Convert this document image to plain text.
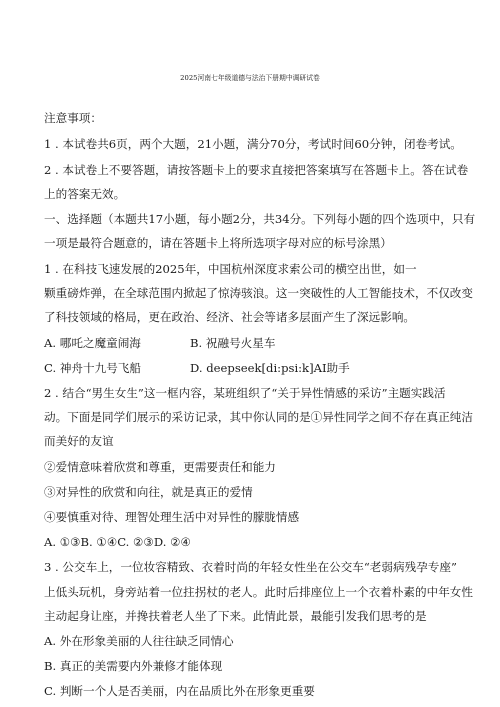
2025河南七年级道德与法治下册期中调研试卷
注意事项：
1 . 本试卷共6页，两个大题，21小题，满分70分，考试时间60分钟，闭卷考试。
2 . 本试卷上不要答题，请按答题卡上的要求直接把答案填写在答题卡上。答在试卷
上的答案无效。
一、选择题（本题共17小题，每小题2分，共34分。下列每小题的四个选项中，只有
一项是最符合题意的，请在答题卡上将所选项字母对应的标号涂黑）
1 . 在科技飞速发展的2025年，中国杭州深度求索公司的横空出世，如一
颗重磅炸弹，在全球范围内掀起了惊涛骇浪。这一突破性的人工智能技术，不仅改变
了科技领域的格局，更在政治、经济、社会等诸多层面产生了深远影响。
A. 哪吒之魔童闹海	B. 祝融号火星车
C. 神舟十九号飞船	D. deepseek[di:psi:k]AI助手
2 . 结合“男生女生”这一框内容，某班组织了“关于异性情感的采访”主题实践活
动。下面是同学们展示的采访记录，其中你认同的是①异性同学之间不存在真正纯洁
而美好的友谊
②爱情意味着欣赏和尊重，更需要责任和能力
③对异性的欣赏和向往，就是真正的爱情
④要慎重对待、理智处理生活中对异性的朦胧情感
A. ①③B. ①④C. ②③D. ②④
3 . 公交车上，一位妆容精致、衣着时尚的年轻女性坐在公交车“老弱病残孕专座”
上低头玩机，身旁站着一位拄拐杖的老人。此时后排座位上一个衣着朴素的中年女性
主动起身让座，并搀扶着老人坐了下来。此情此景，最能引发我们思考的是
A. 外在形象美丽的人往往缺乏同情心
B. 真正的美需要内外兼修才能体现
C. 判断一个人是否美丽，内在品质比外在形象更重要
